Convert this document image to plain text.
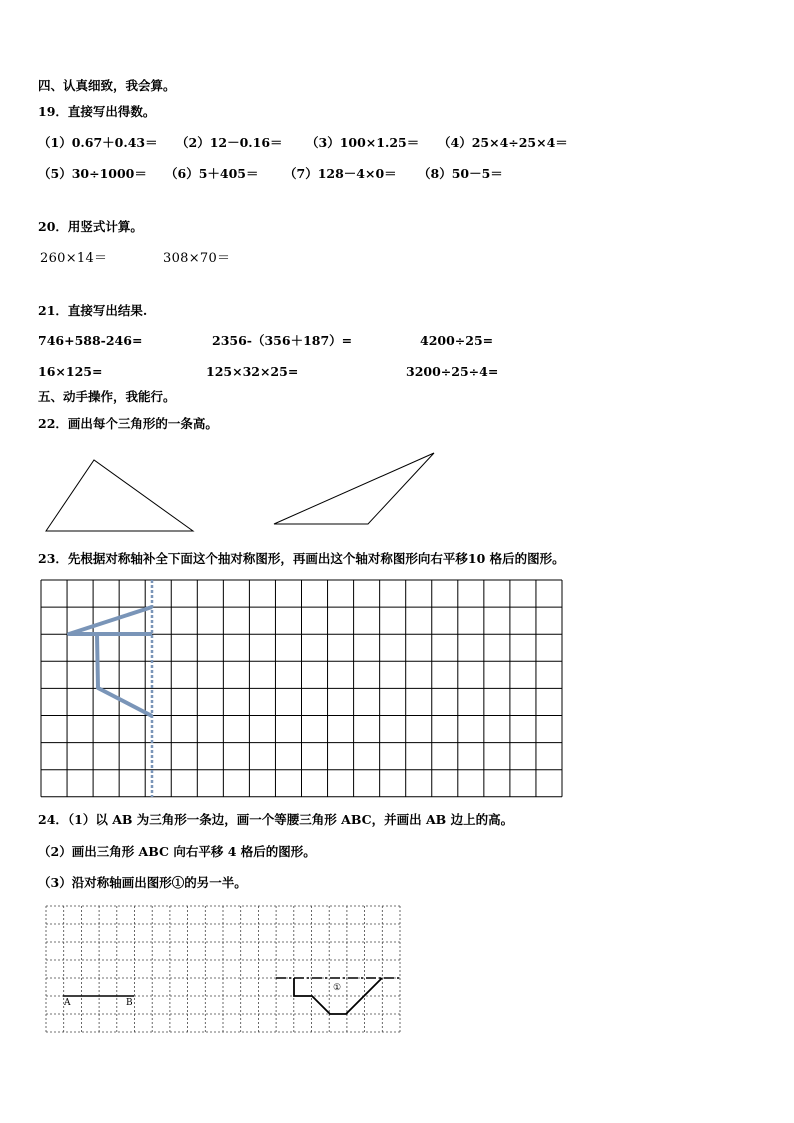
四、认真细致，我会算。
19．直接写出得数。
（1）0.67＋0.43＝ （2）12－0.16＝ （3）100×1.25＝ （4）25×4÷25×4＝
（5）30÷1000＝ （6）5＋405＝ （7）128－4×0＝ （8）50－5＝
20．用竖式计算。
260×14＝	308×70＝
21．直接写出结果.
746+588-246=	2356-（356＋187）=	4200÷25=
16×125=	125×32×25=	3200÷25÷4=
五、动手操作，我能行。
22．画出每个三角形的一条高。
23．先根据对称轴补全下面这个抽对称图形，再画出这个轴对称图形向右平移10 格后的图形。
24．（1）以 AB 为三角形一条边，画一个等腰三角形 ABC，并画出 AB 边上的高。
（2）画出三角形 ABC 向右平移 4 格后的图形。
（3）沿对称轴画出图形①的另一半。
A	B
①
